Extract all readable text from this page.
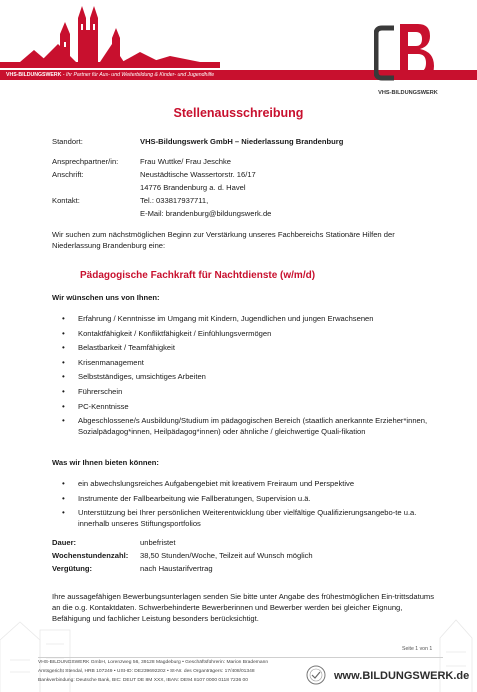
VHS-BILDUNGSWERK - Ihr Partner für Aus- und Weiterbildung & Kinder- und Jugendhilfe
VHS-BILDUNGSWERK
Stellenausschreibung
Standort:	VHS-Bildungswerk GmbH – Niederlassung Brandenburg
Ansprechpartner/in:	Frau Wuttke/ Frau Jeschke
Anschrift:	Neustädtische Wassertorstr. 16/17
14776 Brandenburg a. d. Havel
Kontakt:	Tel.: 033817937711,
E-Mail: brandenburg@bildungswerk.de
Wir suchen zum nächstmöglichen Beginn zur Verstärkung unseres Fachbereichs Stationäre Hilfen der Niederlassung Brandenburg eine:
Pädagogische Fachkraft für Nachtdienste (w/m/d)
Wir wünschen uns von Ihnen:
• Erfahrung / Kenntnisse im Umgang mit Kindern, Jugendlichen und jungen Erwachsenen
• Kontaktfähigkeit / Konfliktfähigkeit / Einfühlungsvermögen
• Belastbarkeit / Teamfähigkeit
• Krisenmanagement
• Selbstständiges, umsichtiges Arbeiten
• Führerschein
• PC-Kenntnisse
• Abgeschlossene/s Ausbildung/Studium im pädagogischen Bereich (staatlich anerkannte Erzieher*innen, Sozialpädagog*innen, Heilpädagog*innen) oder ähnliche / gleichwertige Quali-fikation
Was wir Ihnen bieten können:
• ein abwechslungsreiches Aufgabengebiet mit kreativem Freiraum und Perspektive
• Instrumente der Fallbearbeitung wie Fallberatungen, Supervision u.ä.
• Unterstützung bei Ihrer persönlichen Weiterentwicklung über vielfältige Qualifizierungsangebo-te u.a. innerhalb unseres Stiftungsportfolios
Dauer:	unbefristet
Wochenstundenzahl: 38,50 Stunden/Woche, Teilzeit auf Wunsch möglich
Vergütung:	nach Haustarifvertrag
Ihre aussagefähigen Bewerbungsunterlagen senden Sie bitte unter Angabe des frühestmöglichen Ein-trittsdatums an die o.g. Kontaktdaten. Schwerbehinderte Bewerberinnen und Bewerber werden bei gleicher Eignung, Befähigung und fachlicher Leistung besonders berücksichtigt.
Seite 1 von 1
VHS-BILDUNGSWERK GmbH, Lorenzweg 56, 39128 Magdeburg • Geschäftsführerin: Marion Brademann
Amtsgericht Stendal, HRB 107249 • USt-ID: DE239692202 • St-Nr. des Organträgers: 17/408/01348
Bankverbindung: Deutsche Bank, BIC: DEUT DE 8M XXX, IBAN: DE94 8107 0000 0118 7236 00	www.BILDUNGSWERK.de
